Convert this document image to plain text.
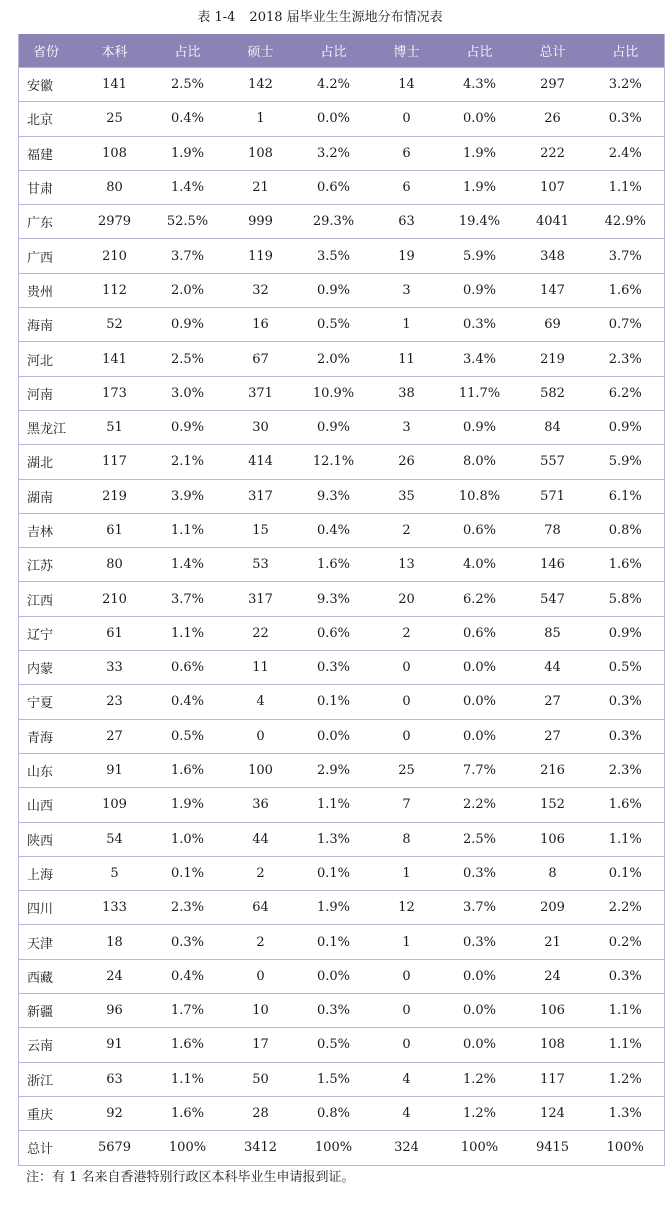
表 1-4 2018 届毕业生生源地分布情况表
省份	本科	占比	硕士	占比	博士	占比	总计	占比
安徽	141	2.5%	142	4.2%	14	4.3%	297	3.2%
北京	25	0.4%	1	0.0%	0	0.0%	26	0.3%
福建	108	1.9%	108	3.2%	6	1.9%	222	2.4%
甘肃	80	1.4%	21	0.6%	6	1.9%	107	1.1%
广东	2979	52.5%	999	29.3%	63	19.4%	4041	42.9%
广西	210	3.7%	119	3.5%	19	5.9%	348	3.7%
贵州	112	2.0%	32	0.9%	3	0.9%	147	1.6%
海南	52	0.9%	16	0.5%	1	0.3%	69	0.7%
河北	141	2.5%	67	2.0%	11	3.4%	219	2.3%
河南	173	3.0%	371	10.9%	38	11.7%	582	6.2%
黑龙江	51	0.9%	30	0.9%	3	0.9%	84	0.9%
湖北	117	2.1%	414	12.1%	26	8.0%	557	5.9%
湖南	219	3.9%	317	9.3%	35	10.8%	571	6.1%
吉林	61	1.1%	15	0.4%	2	0.6%	78	0.8%
江苏	80	1.4%	53	1.6%	13	4.0%	146	1.6%
江西	210	3.7%	317	9.3%	20	6.2%	547	5.8%
辽宁	61	1.1%	22	0.6%	2	0.6%	85	0.9%
内蒙	33	0.6%	11	0.3%	0	0.0%	44	0.5%
宁夏	23	0.4%	4	0.1%	0	0.0%	27	0.3%
青海	27	0.5%	0	0.0%	0	0.0%	27	0.3%
山东	91	1.6%	100	2.9%	25	7.7%	216	2.3%
山西	109	1.9%	36	1.1%	7	2.2%	152	1.6%
陕西	54	1.0%	44	1.3%	8	2.5%	106	1.1%
上海	5	0.1%	2	0.1%	1	0.3%	8	0.1%
四川	133	2.3%	64	1.9%	12	3.7%	209	2.2%
天津	18	0.3%	2	0.1%	1	0.3%	21	0.2%
西藏	24	0.4%	0	0.0%	0	0.0%	24	0.3%
新疆	96	1.7%	10	0.3%	0	0.0%	106	1.1%
云南	91	1.6%	17	0.5%	0	0.0%	108	1.1%
浙江	63	1.1%	50	1.5%	4	1.2%	117	1.2%
重庆	92	1.6%	28	0.8%	4	1.2%	124	1.3%
总计	5679	100%	3412	100%	324	100%	9415	100%
注：有 1 名来自香港特别行政区本科毕业生申请报到证。
